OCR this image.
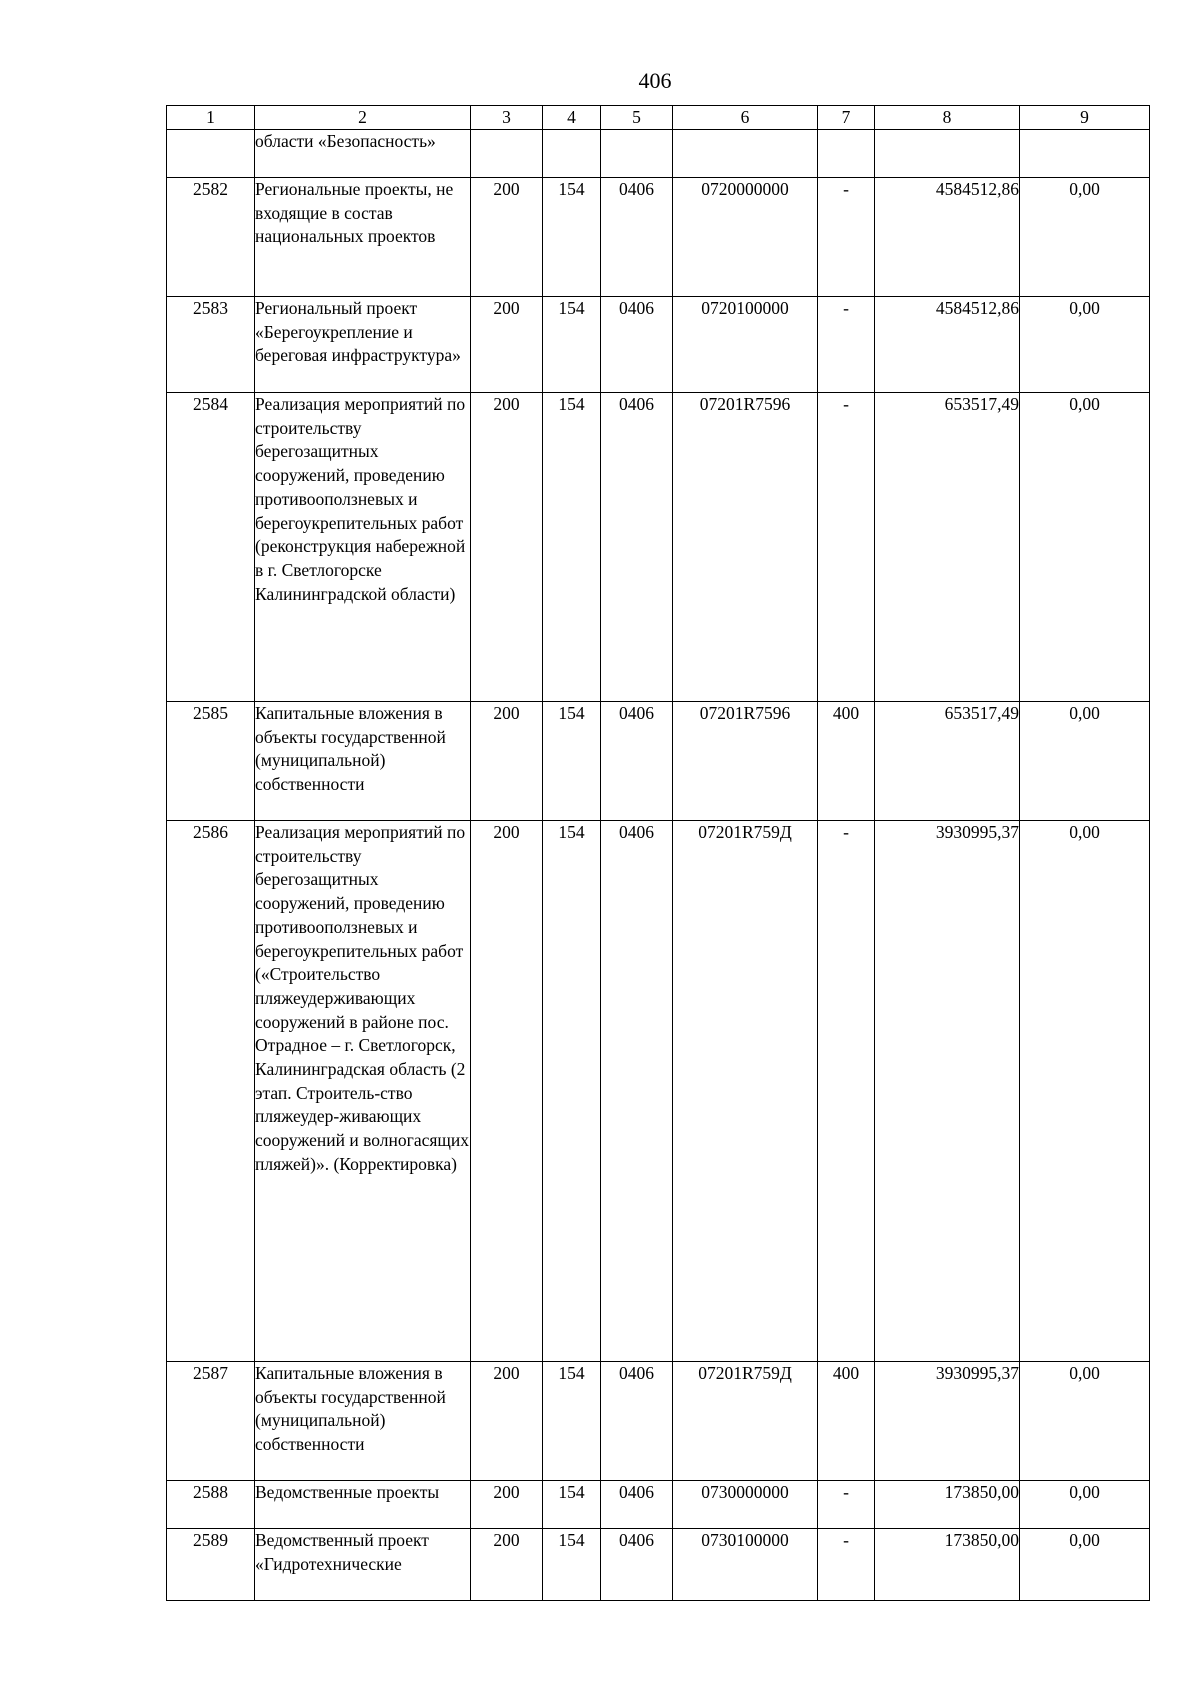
406
1	2	3	4	5	6	7	8	9
	области «Безопасность»							
2582	Региональные проекты, не входящие в состав национальных проектов	200	154	0406	0720000000	-	4584512,86	0,00
2583	Региональный проект «Берегоукрепление и береговая инфраструктура»	200	154	0406	0720100000	-	4584512,86	0,00
2584	Реализация мероприятий по строительству берегозащитных сооружений, проведению противооползневых и берегоукрепительных работ (реконструкция набережной в г. Светлогорске Калининградской области)	200	154	0406	07201R7596	-	653517,49	0,00
2585	Капитальные вложения в объекты государственной (муниципальной) собственности	200	154	0406	07201R7596	400	653517,49	0,00
2586	Реализация мероприятий по строительству берегозащитных сооружений, проведению противооползневых и берегоукрепительных работ («Строительство пляжеудерживающих сооружений в районе пос. Отрадное – г. Светлогорск, Калининградская область (2 этап. Строитель-ство пляжеудер-живающих сооружений и волногасящих пляжей)». (Корректировка)	200	154	0406	07201R759Д	-	3930995,37	0,00
2587	Капитальные вложения в объекты государственной (муниципальной) собственности	200	154	0406	07201R759Д	400	3930995,37	0,00
2588	Ведомственные проекты	200	154	0406	0730000000	-	173850,00	0,00
2589	Ведомственный проект «Гидротехнические	200	154	0406	0730100000	-	173850,00	0,00
